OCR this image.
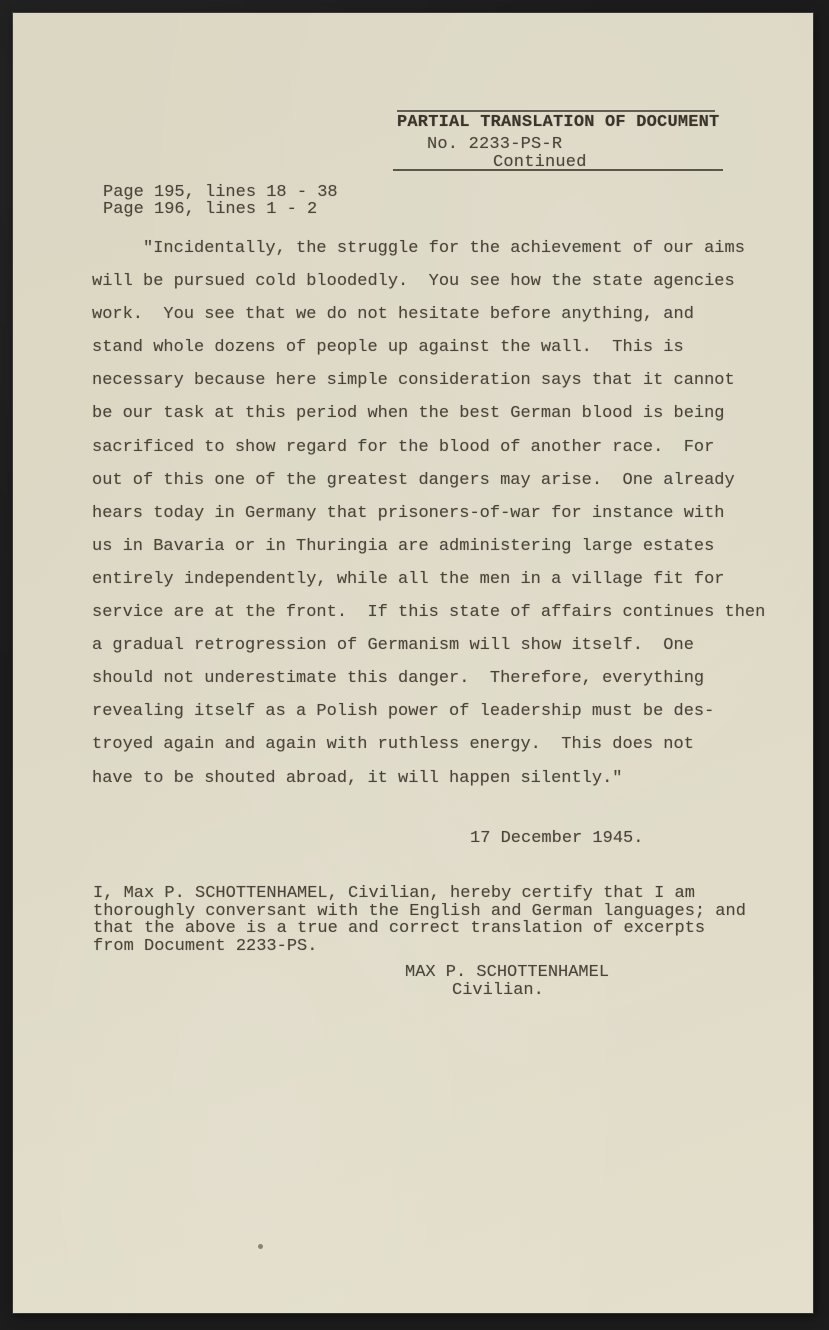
PARTIAL TRANSLATION OF DOCUMENT
No. 2233-PS-R
Continued
Page 195, lines 18 - 38
Page 196, lines 1 - 2
"Incidentally, the struggle for the achievement of our aims
will be pursued cold bloodedly.  You see how the state agencies
work.  You see that we do not hesitate before anything, and
stand whole dozens of people up against the wall.  This is
necessary because here simple consideration says that it cannot
be our task at this period when the best German blood is being
sacrificed to show regard for the blood of another race.  For
out of this one of the greatest dangers may arise.  One already
hears today in Germany that prisoners-of-war for instance with
us in Bavaria or in Thuringia are administering large estates
entirely independently, while all the men in a village fit for
service are at the front.  If this state of affairs continues then
a gradual retrogression of Germanism will show itself.  One
should not underestimate this danger.  Therefore, everything
revealing itself as a Polish power of leadership must be des-
troyed again and again with ruthless energy.  This does not
have to be shouted abroad, it will happen silently."
17 December 1945.
I, Max P. SCHOTTENHAMEL, Civilian, hereby certify that I am
thoroughly conversant with the English and German languages; and
that the above is a true and correct translation of excerpts
from Document 2233-PS.
MAX P. SCHOTTENHAMEL
Civilian.
